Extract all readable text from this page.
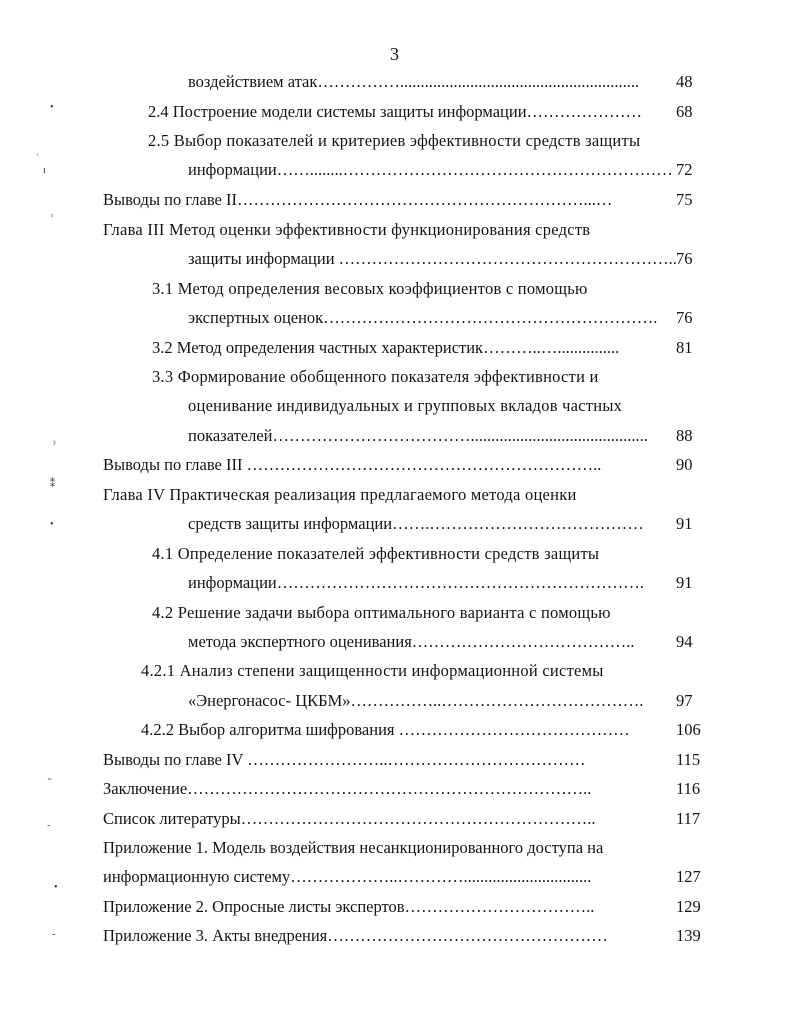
3
воздействием атак…………….......................................................... 48
2.4 Построение модели системы защиты информации………………… 68
2.5 Выбор показателей и критериев эффективности средств защиты
информации……........…………………………………………………… 72
Выводы по главе II………………………………………………………...…	75
Глава III Метод оценки эффективности функционирования средств
защиты информации …………………………………………………….. 76
3.1 Метод определения весовых коэффициентов с помощью
экспертных оценок……………………………………………………. 76
3.2 Метод определения частных характеристик………..…...............	81
3.3 Формирование обобщенного показателя эффективности и
оценивание индивидуальных и групповых вкладов частных
показателей………………………………........................................... 88
Выводы по главе III ………………………………………………………..	90
Глава IV Практическая реализация предлагаемого метода оценки
средств защиты информации…….………………………………… 91
4.1 Определение показателей эффективности средств защиты
информации…………………………………………………………. 91
4.2 Решение задачи выбора оптимального варианта с помощью
метода экспертного оценивания…………………………………..	94
4.2.1 Анализ степени защищенности информационной системы
«Энергонасос- ЦКБМ»……………..………………………………. 97
4.2.2 Выбор алгоритма шифрования ……………………………………	106
Выводы по главе IV ……………………..………………………………	115
Заключение………………………………………………………………..	116
Список литературы………………………………………………………..	117
Приложение 1. Модель воздействия несанкционированного доступа на
информационную систему………………..…………...............................	127
Приложение 2. Опросные листы экспертов……………………………..	129
Приложение 3. Акты внедрения……………………………………………	139
•
ˎ
ı
ᵣ
ˀ
⁑
•
˵
˷
•
-
